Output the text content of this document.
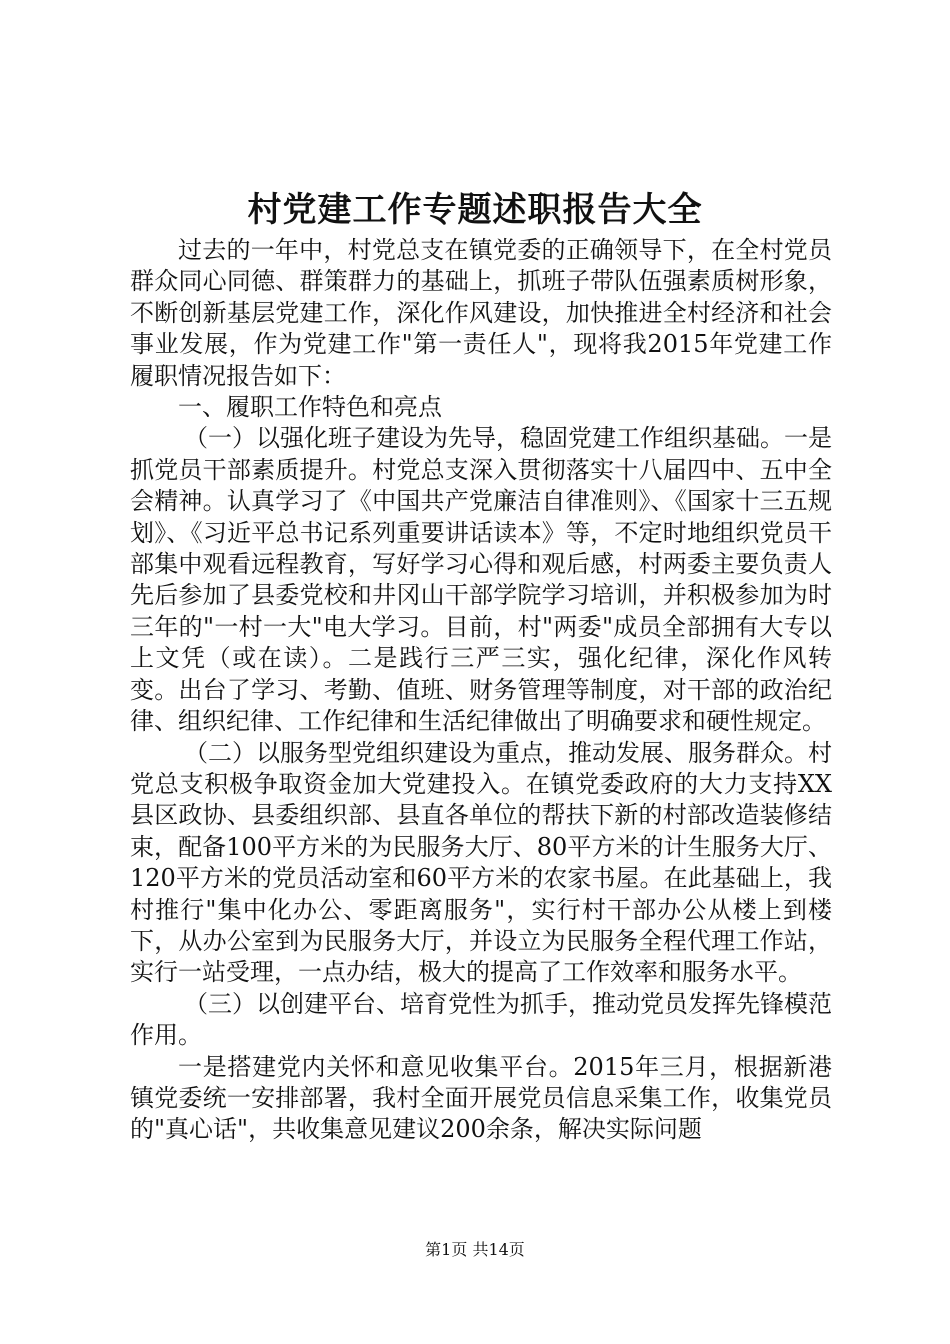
村党建工作专题述职报告大全

过去的一年中，村党总支在镇党委的正确领导下，在全村党员群众同心同德、群策群力的基础上，抓班子带队伍强素质树形象，不断创新基层党建工作，深化作风建设，加快推进全村经济和社会事业发展，作为党建工作"第一责任人"，现将我2015年党建工作履职情况报告如下：

一、履职工作特色和亮点

（一）以强化班子建设为先导，稳固党建工作组织基础。一是抓党员干部素质提升。村党总支深入贯彻落实十八届四中、五中全会精神。认真学习了《中国共产党廉洁自律准则》、《国家十三五规划》、《习近平总书记系列重要讲话读本》等，不定时地组织党员干部集中观看远程教育，写好学习心得和观后感，村两委主要负责人先后参加了县委党校和井冈山干部学院学习培训，并积极参加为时三年的"一村一大"电大学习。目前，村"两委"成员全部拥有大专以上文凭（或在读）。二是践行三严三实，强化纪律，深化作风转变。出台了学习、考勤、值班、财务管理等制度，对干部的政治纪律、组织纪律、工作纪律和生活纪律做出了明确要求和硬性规定。

（二）以服务型党组织建设为重点，推动发展、服务群众。村党总支积极争取资金加大党建投入。在镇党委政府的大力支持XX县区政协、县委组织部、县直各单位的帮扶下新的村部改造装修结束，配备100平方米的为民服务大厅、80平方米的计生服务大厅、120平方米的党员活动室和60平方米的农家书屋。在此基础上，我村推行"集中化办公、零距离服务"，实行村干部办公从楼上到楼下，从办公室到为民服务大厅，并设立为民服务全程代理工作站，实行一站受理，一点办结，极大的提高了工作效率和服务水平。

（三）以创建平台、培育党性为抓手，推动党员发挥先锋模范作用。

一是搭建党内关怀和意见收集平台。2015年三月，根据新港镇党委统一安排部署，我村全面开展党员信息采集工作，收集党员的"真心话"，共收集意见建议200余条，解决实际问题

第1页 共14页
